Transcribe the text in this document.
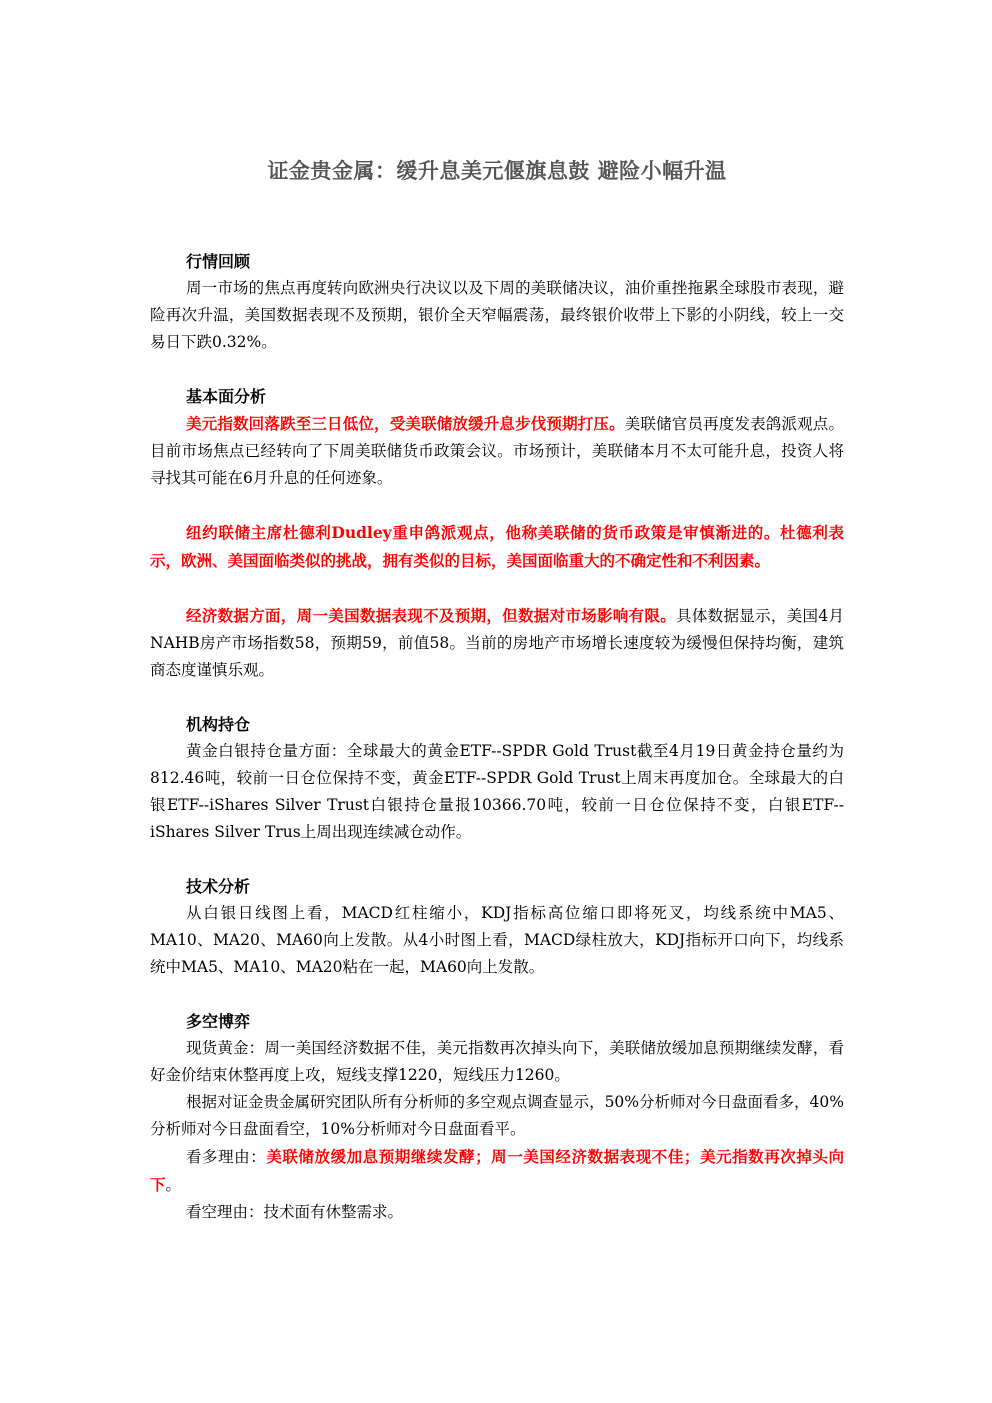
证金贵金属：缓升息美元偃旗息鼓 避险小幅升温

行情回顾

周一市场的焦点再度转向欧洲央行决议以及下周的美联储决议，油价重挫拖累全球股市表现，避险再次升温，美国数据表现不及预期，银价全天窄幅震荡，最终银价收带上下影的小阴线，较上一交易日下跌0.32%。

基本面分析

美元指数回落跌至三日低位，受美联储放缓升息步伐预期打压。美联储官员再度发表鸽派观点。目前市场焦点已经转向了下周美联储货币政策会议。市场预计，美联储本月不太可能升息，投资人将寻找其可能在6月升息的任何迹象。

纽约联储主席杜德利Dudley重申鸽派观点，他称美联储的货币政策是审慎渐进的。杜德利表示，欧洲、美国面临类似的挑战，拥有类似的目标，美国面临重大的不确定性和不利因素。

经济数据方面，周一美国数据表现不及预期，但数据对市场影响有限。具体数据显示，美国4月NAHB房产市场指数58，预期59，前值58。当前的房地产市场增长速度较为缓慢但保持均衡，建筑商态度谨慎乐观。

机构持仓

黄金白银持仓量方面：全球最大的黄金ETF--SPDR Gold Trust截至4月19日黄金持仓量约为812.46吨，较前一日仓位保持不变，黄金ETF--SPDR Gold Trust上周末再度加仓。全球最大的白银ETF--iShares Silver Trust白银持仓量报10366.70吨，较前一日仓位保持不变，白银ETF--iShares Silver Trus上周出现连续减仓动作。

技术分析

从白银日线图上看，MACD红柱缩小，KDJ指标高位缩口即将死叉，均线系统中MA5、MA10、MA20、MA60向上发散。从4小时图上看，MACD绿柱放大，KDJ指标开口向下，均线系统中MA5、MA10、MA20粘在一起，MA60向上发散。

多空博弈

现货黄金：周一美国经济数据不佳，美元指数再次掉头向下，美联储放缓加息预期继续发酵，看好金价结束休整再度上攻，短线支撑1220，短线压力1260。

根据对证金贵金属研究团队所有分析师的多空观点调查显示，50%分析师对今日盘面看多，40%分析师对今日盘面看空，10%分析师对今日盘面看平。

看多理由：美联储放缓加息预期继续发酵；周一美国经济数据表现不佳；美元指数再次掉头向下。

看空理由：技术面有休整需求。
